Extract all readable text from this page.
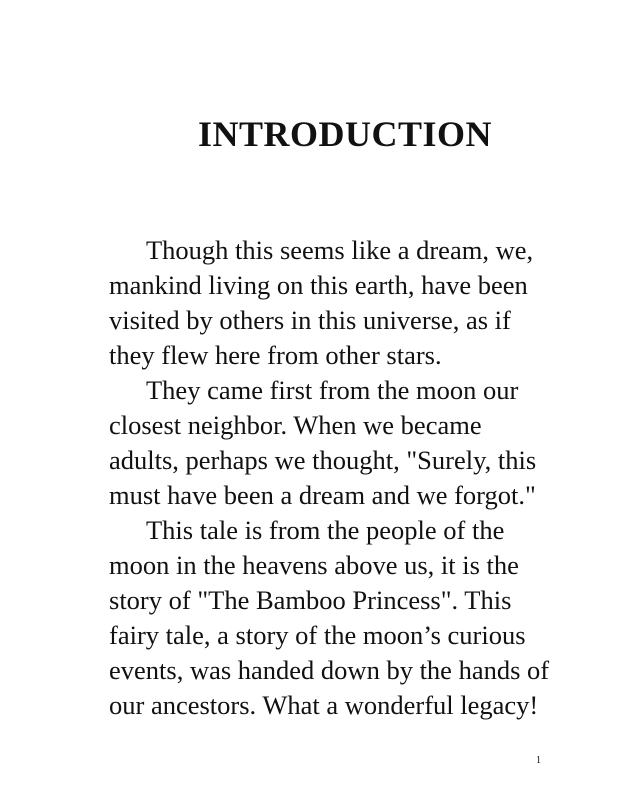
INTRODUCTION
Though this seems like a dream, we,
mankind living on this earth, have been
visited by others in this universe, as if
they flew here from other stars.
They came first from the moon our
closest neighbor. When we became
adults, perhaps we thought, "Surely, this
must have been a dream and we forgot."
This tale is from the people of the
moon in the heavens above us, it is the
story of "The Bamboo Princess". This
fairy tale, a story of the moon’s curious
events, was handed down by the hands of
our ancestors. What a wonderful legacy!
1
